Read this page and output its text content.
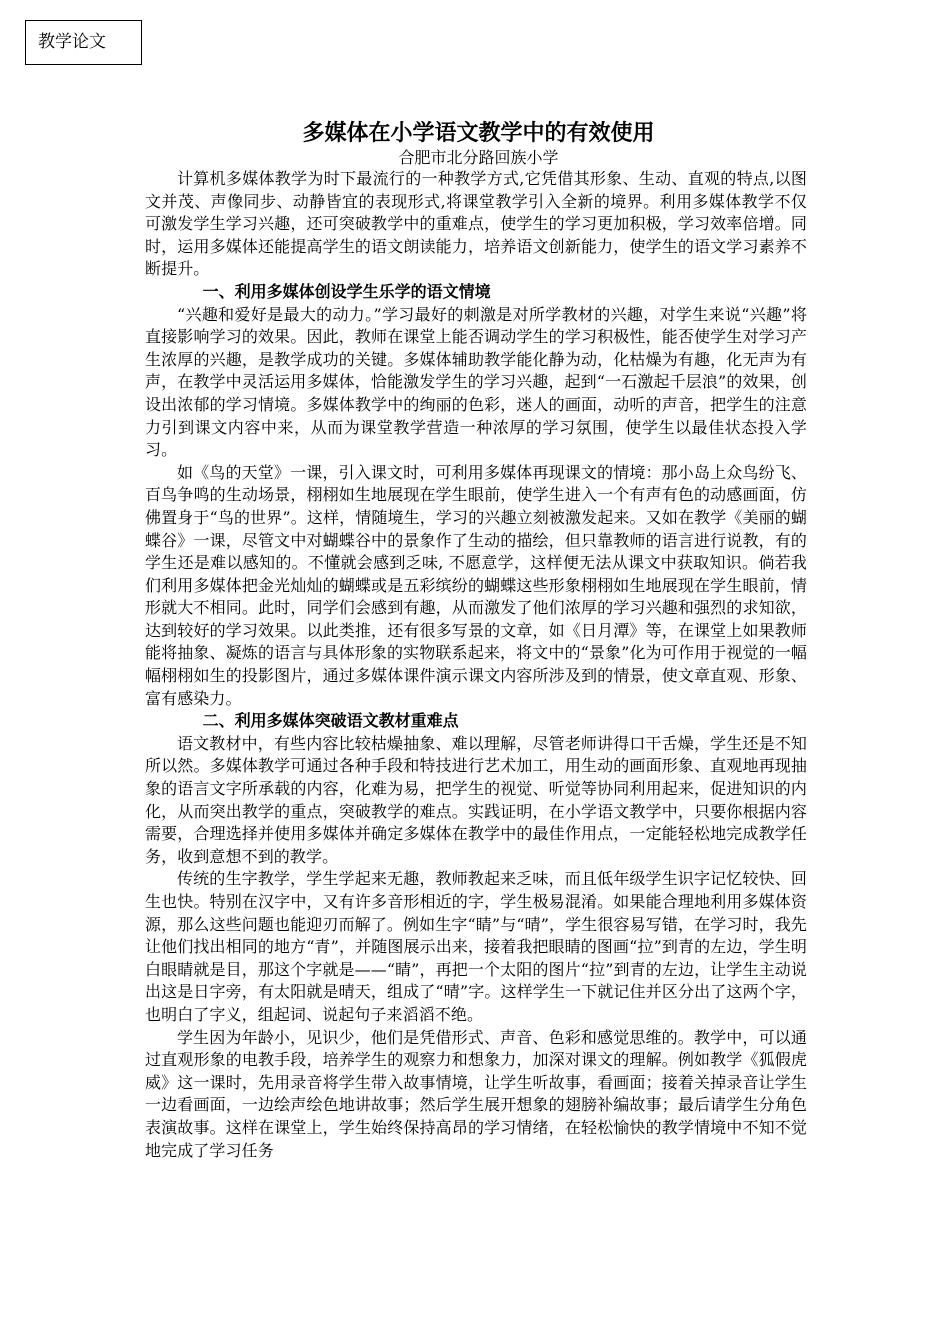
教学论文
多媒体在小学语文教学中的有效使用
合肥市北分路回族小学

计算机多媒体教学为时下最流行的一种教学方式,它凭借其形象、生动、直观的特点,以图文并茂、声像同步、动静皆宜的表现形式,将课堂教学引入全新的境界。利用多媒体教学不仅可激发学生学习兴趣，还可突破教学中的重难点，使学生的学习更加积极，学习效率倍增。同时，运用多媒体还能提高学生的语文朗读能力，培养语文创新能力，使学生的语文学习素养不断提升。

一、利用多媒体创设学生乐学的语文情境

“兴趣和爱好是最大的动力。”学习最好的刺激是对所学教材的兴趣，对学生来说“兴趣”将直接影响学习的效果。因此，教师在课堂上能否调动学生的学习积极性，能否使学生对学习产生浓厚的兴趣，是教学成功的关键。多媒体辅助教学能化静为动，化枯燥为有趣，化无声为有声，在教学中灵活运用多媒体，恰能激发学生的学习兴趣，起到“一石激起千层浪”的效果，创设出浓郁的学习情境。多媒体教学中的绚丽的色彩，迷人的画面，动听的声音，把学生的注意力引到课文内容中来，从而为课堂教学营造一种浓厚的学习氛围，使学生以最佳状态投入学习。

如《鸟的天堂》一课，引入课文时，可利用多媒体再现课文的情境：那小岛上众鸟纷飞、百鸟争鸣的生动场景，栩栩如生地展现在学生眼前，使学生进入一个有声有色的动感画面，仿佛置身于“鸟的世界”。这样，情随境生，学习的兴趣立刻被激发起来。又如在教学《美丽的蝴蝶谷》一课，尽管文中对蝴蝶谷中的景象作了生动的描绘，但只靠教师的语言进行说教，有的学生还是难以感知的。不懂就会感到乏味, 不愿意学，这样便无法从课文中获取知识。倘若我们利用多媒体把金光灿灿的蝴蝶或是五彩缤纷的蝴蝶这些形象栩栩如生地展现在学生眼前，情形就大不相同。此时，同学们会感到有趣，从而激发了他们浓厚的学习兴趣和强烈的求知欲，达到较好的学习效果。以此类推，还有很多写景的文章，如《日月潭》等，在课堂上如果教师能将抽象、凝炼的语言与具体形象的实物联系起来，将文中的“景象”化为可作用于视觉的一幅幅栩栩如生的投影图片，通过多媒体课件演示课文内容所涉及到的情景，使文章直观、形象、富有感染力。

二、利用多媒体突破语文教材重难点

语文教材中，有些内容比较枯燥抽象、难以理解，尽管老师讲得口干舌燥，学生还是不知所以然。多媒体教学可通过各种手段和特技进行艺术加工，用生动的画面形象、直观地再现抽象的语言文字所承载的内容，化难为易，把学生的视觉、听觉等协同利用起来，促进知识的内化，从而突出教学的重点，突破教学的难点。实践证明，在小学语文教学中，只要你根据内容需要，合理选择并使用多媒体并确定多媒体在教学中的最佳作用点，一定能轻松地完成教学任务，收到意想不到的教学。

传统的生字教学，学生学起来无趣，教师教起来乏味，而且低年级学生识字记忆较快、回生也快。特别在汉字中，又有许多音形相近的字，学生极易混淆。如果能合理地利用多媒体资源，那么这些问题也能迎刃而解了。例如生字“睛”与“晴”，学生很容易写错，在学习时，我先让他们找出相同的地方“青”，并随图展示出来，接着我把眼睛的图画“拉”到青的左边，学生明白眼睛就是目，那这个字就是——“睛”，再把一个太阳的图片“拉”到青的左边，让学生主动说出这是日字旁，有太阳就是晴天，组成了“晴”字。这样学生一下就记住并区分出了这两个字，也明白了字义，组起词、说起句子来滔滔不绝。

学生因为年龄小，见识少，他们是凭借形式、声音、色彩和感觉思维的。教学中，可以通过直观形象的电教手段，培养学生的观察力和想象力，加深对课文的理解。例如教学《狐假虎威》这一课时，先用录音将学生带入故事情境，让学生听故事，看画面；接着关掉录音让学生一边看画面，一边绘声绘色地讲故事；然后学生展开想象的翅膀补编故事；最后请学生分角色表演故事。这样在课堂上，学生始终保持高昂的学习情绪，在轻松愉快的教学情境中不知不觉地完成了学习任务
